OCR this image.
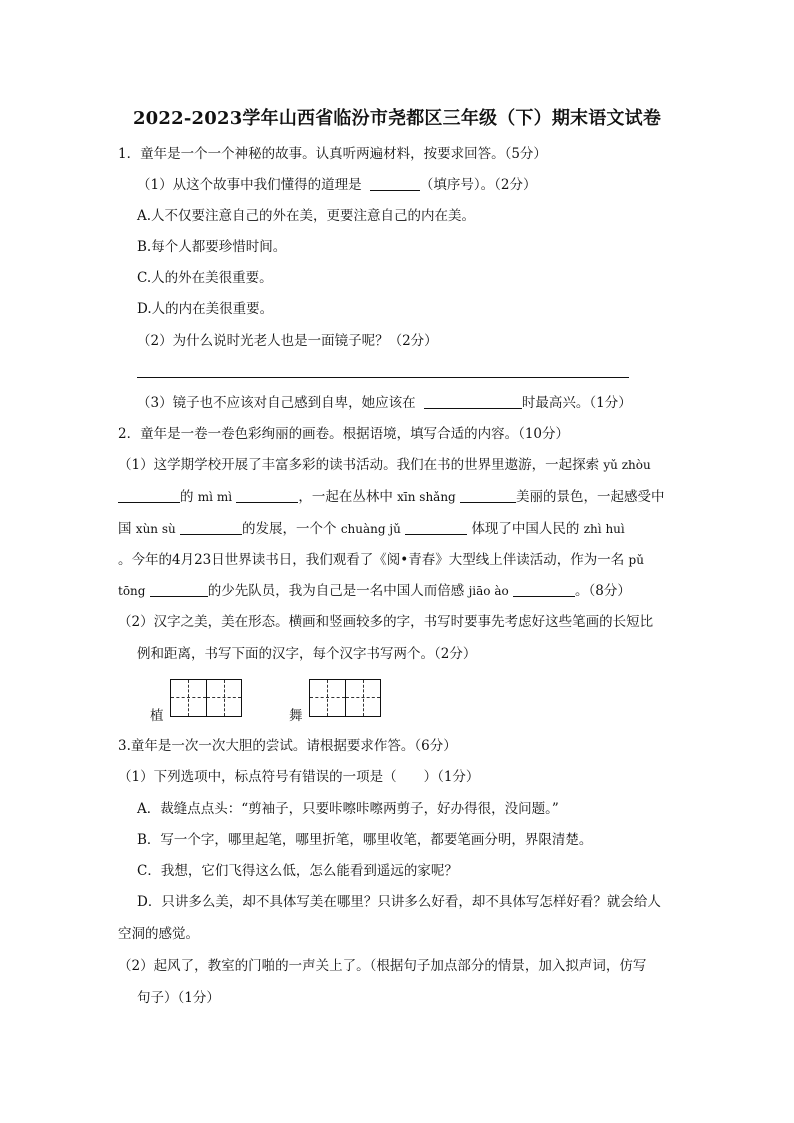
2022-2023学年山西省临汾市尧都区三年级（下）期末语文试卷
1．童年是一个一个神秘的故事。认真听两遍材料，按要求回答。（5分）
（1）从这个故事中我们懂得的道理是	（填序号）。（2分）
A.人不仅要注意自己的外在美，更要注意自己的内在美。
B.每个人都要珍惜时间。
C.人的外在美很重要。
D.人的内在美很重要。
（2）为什么说时光老人也是一面镜子呢？（2分）
（3）镜子也不应该对自己感到自卑，她应该在	时最高兴。（1分）
2．童年是一卷一卷色彩绚丽的画卷。根据语境，填写合适的内容。（10分）
（1）这学期学校开展了丰富多彩的读书活动。我们在书的世界里遨游，一起探索 yǔ zhòu
的 mì mì	，一起在丛林中 xīn shǎng	美丽的景色，一起感受中
国 xùn sù	的发展，一个个 chuàng jǔ	体现了中国人民的 zhì huì
。今年的4月23日世界读书日，我们观看了《阅•青春》大型线上伴读活动，作为一名 pǔ
tōng	的少先队员，我为自己是一名中国人而倍感 jiāo ào	。（8分）
（2）汉字之美，美在形态。横画和竖画较多的字，书写时要事先考虑好这些笔画的长短比
例和距离，书写下面的汉字，每个汉字书写两个。（2分）
植	舞
3.童年是一次一次大胆的尝试。请根据要求作答。（6分）
（1）下列选项中，标点符号有错误的一项是（　　）（1分）
A．裁缝点点头：“剪袖子，只要咔嚓咔嚓两剪子，好办得很，没问题。”
B．写一个字，哪里起笔，哪里折笔，哪里收笔，都要笔画分明，界限清楚。
C．我想，它们飞得这么低，怎么能看到遥远的家呢？
D．只讲多么美，却不具体写美在哪里？只讲多么好看，却不具体写怎样好看？就会给人
空洞的感觉。
（2）起风了，教室的门啪的一声关上了。（根据句子加点部分的情景，加入拟声词，仿写
句子）（1分）
